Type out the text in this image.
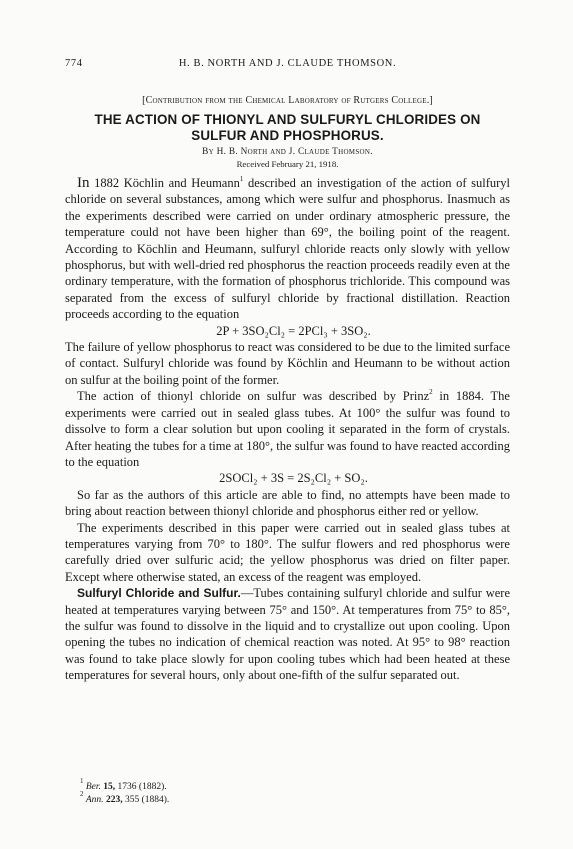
774	H. B. NORTH AND J. CLAUDE THOMSON.
[Contribution from the Chemical Laboratory of Rutgers College.]
THE ACTION OF THIONYL AND SULFURYL CHLORIDES ON
SULFUR AND PHOSPHORUS.
By H. B. North and J. Claude Thomson.
Received February 21, 1918.

In 1882 Köchlin and Heumann$^1$ described an investigation of the action of sulfuryl chloride on several substances, among which were sulfur and phosphorus. Inasmuch as the experiments described were carried on under ordinary atmospheric pressure, the temperature could not have been higher than 69°, the boiling point of the reagent. According to Köchlin and Heumann, sulfuryl chloride reacts only slowly with yellow phosphorus, but with well-dried red phosphorus the reaction proceeds readily even at the ordinary temperature, with the formation of phosphorus trichloride. This compound was separated from the excess of sulfuryl chloride by fractional distillation. Reaction proceeds according to the equation

2P + 3SO₂Cl₂ = 2PCl₃ + 3SO₂.

The failure of yellow phosphorus to react was considered to be due to the limited surface of contact. Sulfuryl chloride was found by Köchlin and Heumann to be without action on sulfur at the boiling point of the former.

The action of thionyl chloride on sulfur was described by Prinz$^2$ in 1884. The experiments were carried out in sealed glass tubes. At 100° the sulfur was found to dissolve to form a clear solution but upon cooling it separated in the form of crystals. After heating the tubes for a time at 180°, the sulfur was found to have reacted according to the equation

2SOCl₂ + 3S = 2S₂Cl₂ + SO₂.

So far as the authors of this article are able to find, no attempts have been made to bring about reaction between thionyl chloride and phosphorus either red or yellow.

The experiments described in this paper were carried out in sealed glass tubes at temperatures varying from 70° to 180°. The sulfur flowers and red phosphorus were carefully dried over sulfuric acid; the yellow phosphorus was dried on filter paper. Except where otherwise stated, an excess of the reagent was employed.

Sulfuryl Chloride and Sulfur.—Tubes containing sulfuryl chloride and sulfur were heated at temperatures varying between 75° and 150°. At temperatures from 75° to 85°, the sulfur was found to dissolve in the liquid and to crystallize out upon cooling. Upon opening the tubes no indication of chemical reaction was noted. At 95° to 98° reaction was found to take place slowly for upon cooling tubes which had been heated at these temperatures for several hours, only about one-fifth of the sulfur separated out.

$^1$ Ber. 15, 1736 (1882).
$^2$ Ann. 223, 355 (1884).
